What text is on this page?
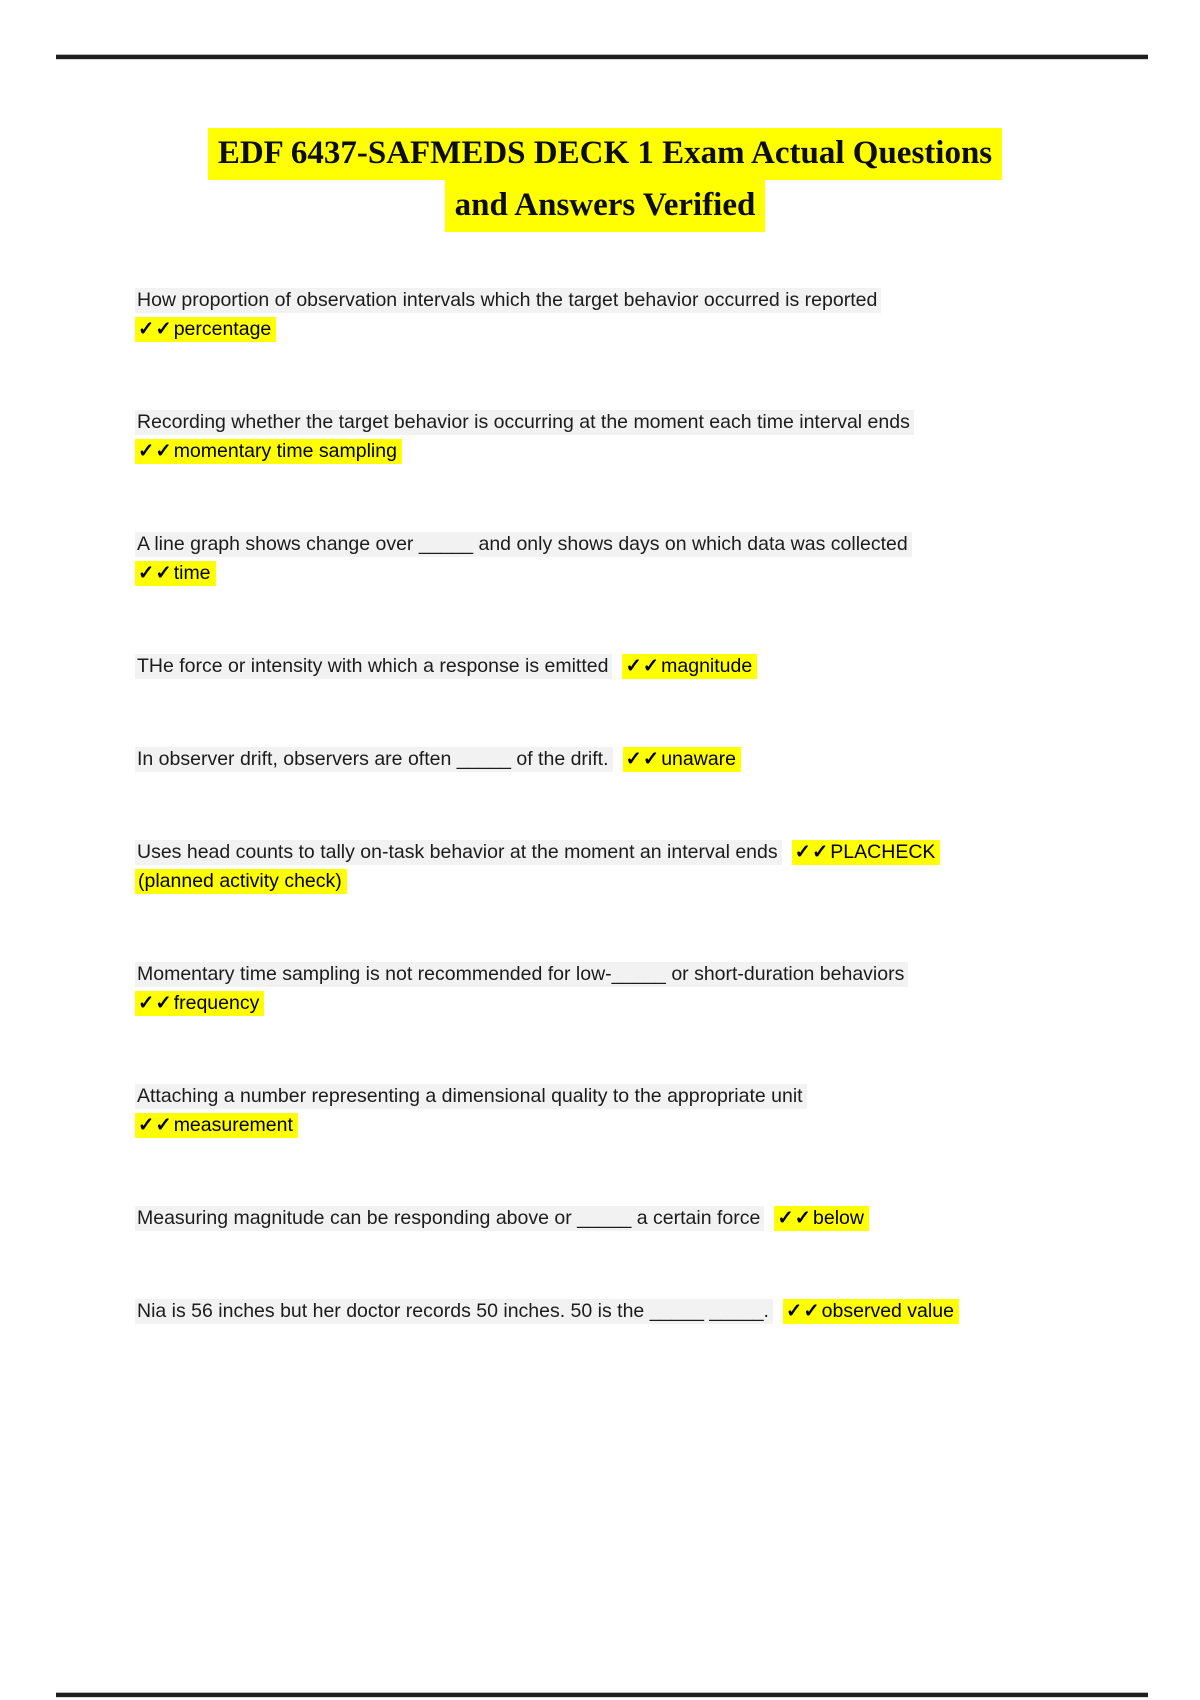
EDF 6437-SAFMEDS DECK 1 Exam Actual Questions
and Answers Verified
How proportion of observation intervals which the target behavior occurred is reported
✓✓percentage
Recording whether the target behavior is occurring at the moment each time interval ends
✓✓momentary time sampling
A line graph shows change over _____ and only shows days on which data was collected
✓✓time
THe force or intensity with which a response is emitted ✓✓magnitude
In observer drift, observers are often _____ of the drift. ✓✓unaware
Uses head counts to tally on-task behavior at the moment an interval ends ✓✓PLACHECK
(planned activity check)
Momentary time sampling is not recommended for low-_____ or short-duration behaviors
✓✓frequency
Attaching a number representing a dimensional quality to the appropriate unit
✓✓measurement
Measuring magnitude can be responding above or _____ a certain force ✓✓below
Nia is 56 inches but her doctor records 50 inches. 50 is the _____ _____. ✓✓observed value
